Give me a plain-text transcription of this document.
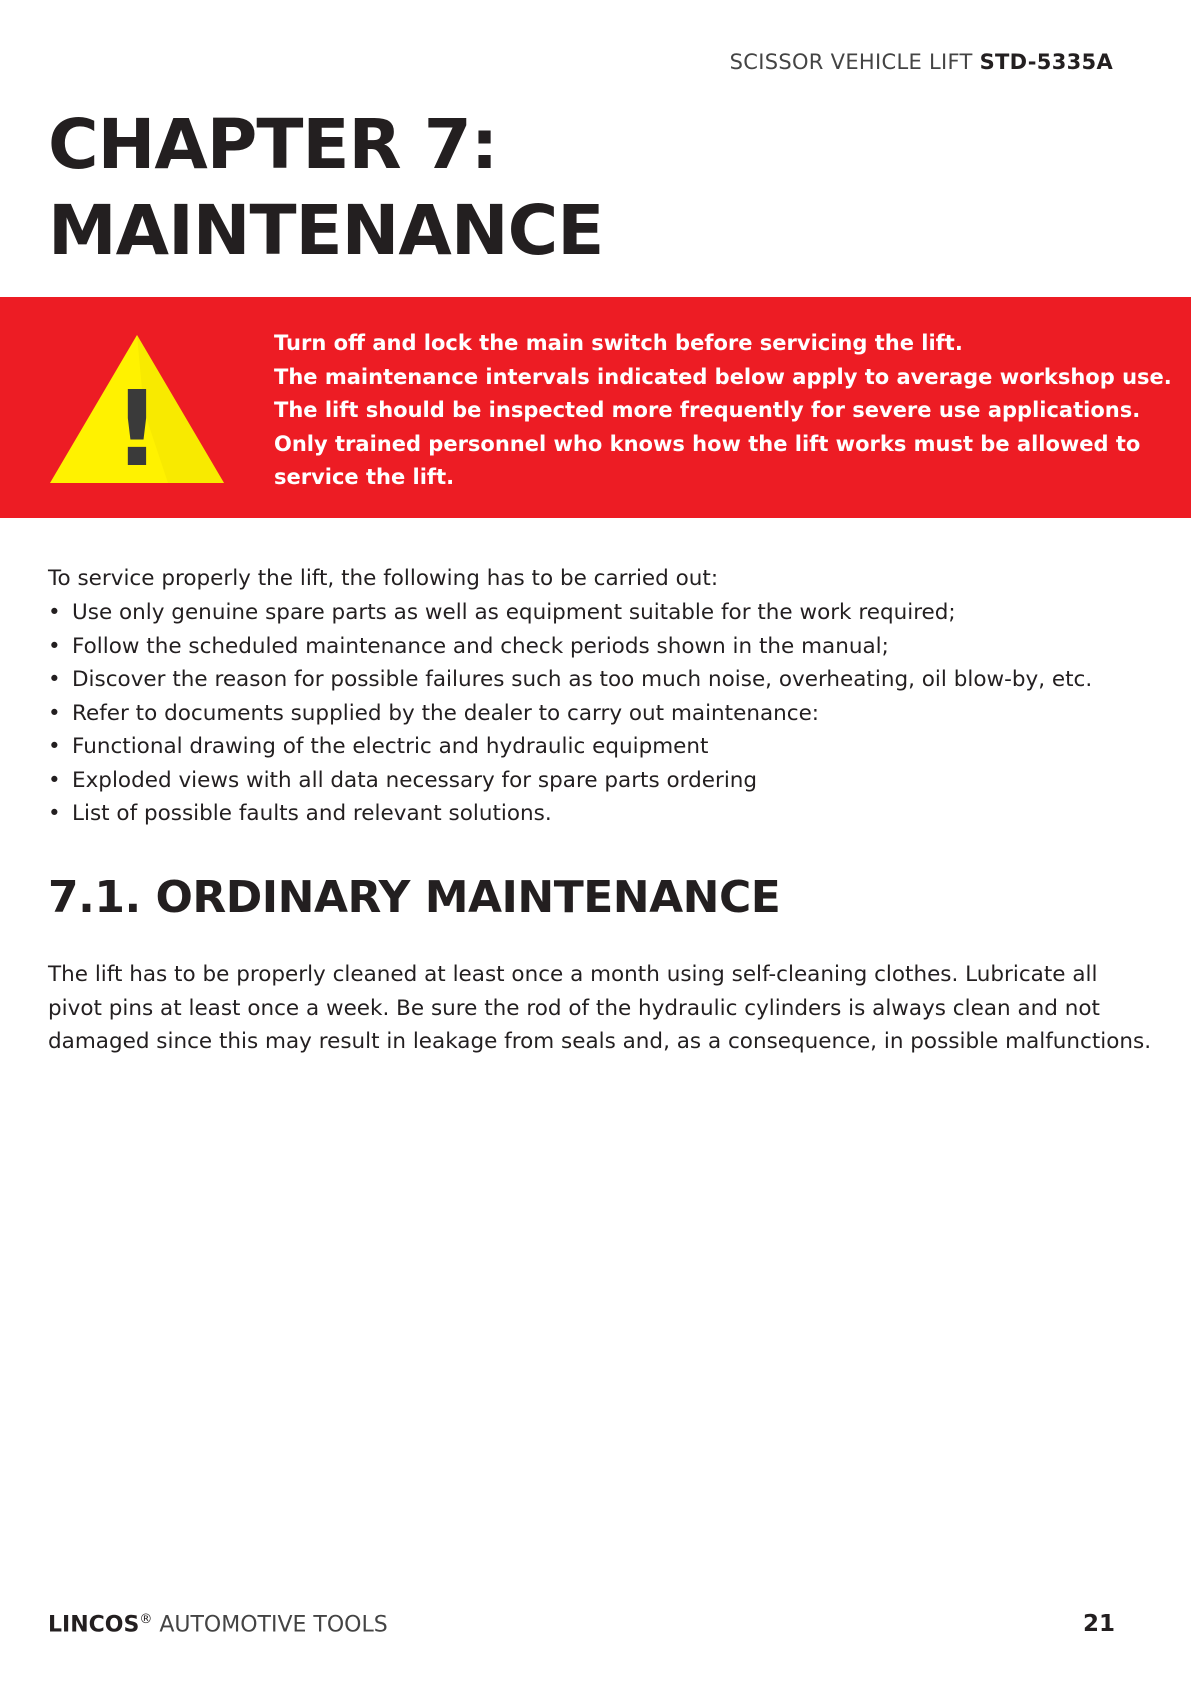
SCISSOR VEHICLE LIFT STD-5335A
CHAPTER 7:
MAINTENANCE
!
Turn off and lock the main switch before servicing the lift.
The maintenance intervals indicated below apply to average workshop use.
The lift should be inspected more frequently for severe use applications.
Only trained personnel who knows how the lift works must be allowed to
service the lift.

To service properly the lift, the following has to be carried out:

• Use only genuine spare parts as well as equipment suitable for the work required;
• Follow the scheduled maintenance and check periods shown in the manual;
• Discover the reason for possible failures such as too much noise, overheating, oil blow-by, etc.
• Refer to documents supplied by the dealer to carry out maintenance:
• Functional drawing of the electric and hydraulic equipment
• Exploded views with all data necessary for spare parts ordering
• List of possible faults and relevant solutions.
7.1. ORDINARY MAINTENANCE

The lift has to be properly cleaned at least once a month using self-cleaning clothes. Lubricate all
pivot pins at least once a week. Be sure the rod of the hydraulic cylinders is always clean and not
damaged since this may result in leakage from seals and, as a consequence, in possible malfunctions.

LINCOS® AUTOMOTIVE TOOLS	21
